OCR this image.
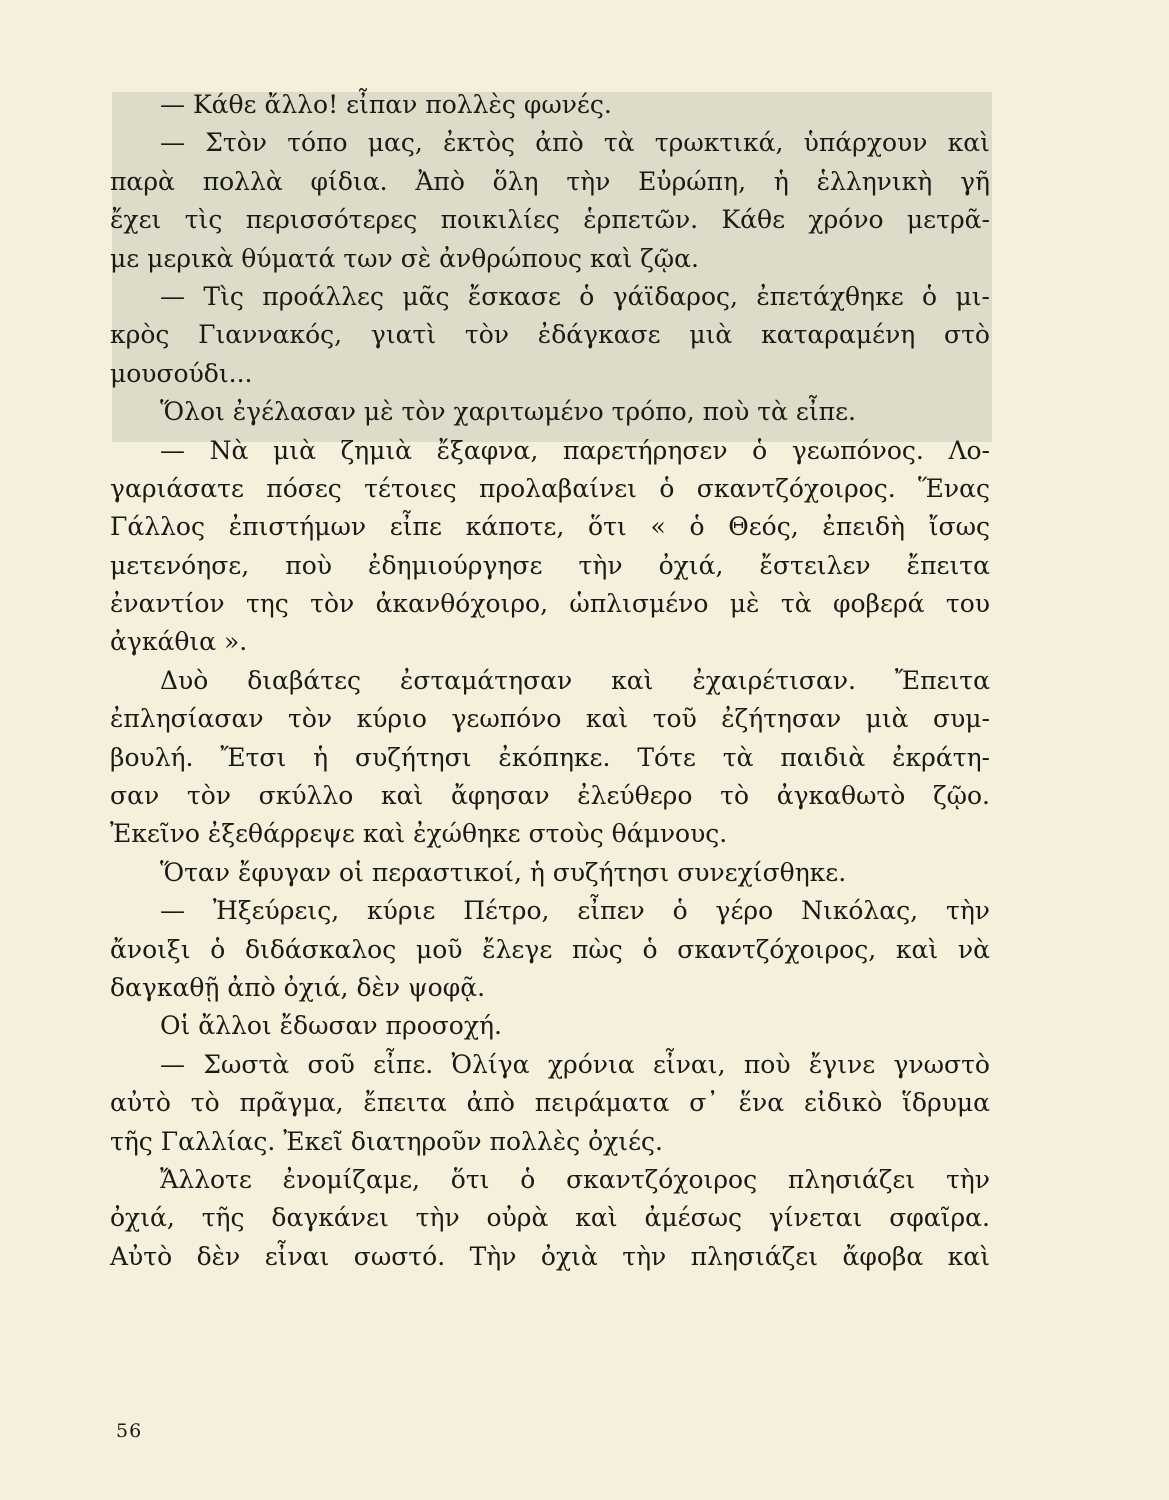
— Κάθε ἄλλο! εἶπαν πολλὲς φωνές.
— Στὸν τόπο μας, ἐκτὸς ἀπὸ τὰ τρωκτικά, ὑπάρχουν καὶ
παρὰ πολλὰ φίδια. Ἀπὸ ὅλη τὴν Εὐρώπη, ἡ ἑλληνικὴ γῆ
ἔχει τὶς περισσότερες ποικιλίες ἑρπετῶν. Κάθε χρόνο μετρᾶ-
με μερικὰ θύματά των σὲ ἀνθρώπους καὶ ζῷα.
— Τὶς προάλλες μᾶς ἔσκασε ὁ γάϊδαρος, ἐπετάχθηκε ὁ μι-
κρὸς Γιαννακός, γιατὶ τὸν ἐδάγκασε μιὰ καταραμένη στὸ
μουσούδι...
Ὅλοι ἐγέλασαν μὲ τὸν χαριτωμένο τρόπο, ποὺ τὰ εἶπε.
— Νὰ μιὰ ζημιὰ ἔξαφνα, παρετήρησεν ὁ γεωπόνος. Λο-
γαριάσατε πόσες τέτοιες προλαβαίνει ὁ σκαντζόχοιρος. Ἕνας
Γάλλος ἐπιστήμων εἶπε κάποτε, ὅτι « ὁ Θεός, ἐπειδὴ ἴσως
μετενόησε, ποὺ ἐδημιούργησε τὴν ὀχιά, ἔστειλεν ἔπειτα
ἐναντίον της τὸν ἀκανθόχοιρο, ὡπλισμένο μὲ τὰ φοβερά του
ἀγκάθια ».
Δυὸ διαβάτες ἐσταμάτησαν καὶ ἐχαιρέτισαν. Ἔπειτα
ἐπλησίασαν τὸν κύριο γεωπόνο καὶ τοῦ ἐζήτησαν μιὰ συμ-
βουλή. Ἔτσι ἡ συζήτησι ἐκόπηκε. Τότε τὰ παιδιὰ ἐκράτη-
σαν τὸν σκύλλο καὶ ἄφησαν ἐλεύθερο τὸ ἀγκαθωτὸ ζῷο.
Ἐκεῖνο ἐξεθάρρεψε καὶ ἐχώθηκε στοὺς θάμνους.
Ὅταν ἔφυγαν οἱ περαστικοί, ἡ συζήτησι συνεχίσθηκε.
— Ἠξεύρεις, κύριε Πέτρο, εἶπεν ὁ γέρο Νικόλας, τὴν
ἄνοιξι ὁ διδάσκαλος μοῦ ἔλεγε πὼς ὁ σκαντζόχοιρος, καὶ νὰ
δαγκαθῇ ἀπὸ ὀχιά, δὲν ψοφᾷ.
Οἱ ἄλλοι ἔδωσαν προσοχή.
— Σωστὰ σοῦ εἶπε. Ὀλίγα χρόνια εἶναι, ποὺ ἔγινε γνωστὸ
αὐτὸ τὸ πρᾶγμα, ἔπειτα ἀπὸ πειράματα σ᾽ ἕνα εἰδικὸ ἵδρυμα
τῆς Γαλλίας. Ἐκεῖ διατηροῦν πολλὲς ὀχιές.
Ἄλλοτε ἐνομίζαμε, ὅτι ὁ σκαντζόχοιρος πλησιάζει τὴν
ὀχιά, τῆς δαγκάνει τὴν οὐρὰ καὶ ἀμέσως γίνεται σφαῖρα.
Αὐτὸ δὲν εἶναι σωστό. Τὴν ὀχιὰ τὴν πλησιάζει ἄφοβα καὶ
56
